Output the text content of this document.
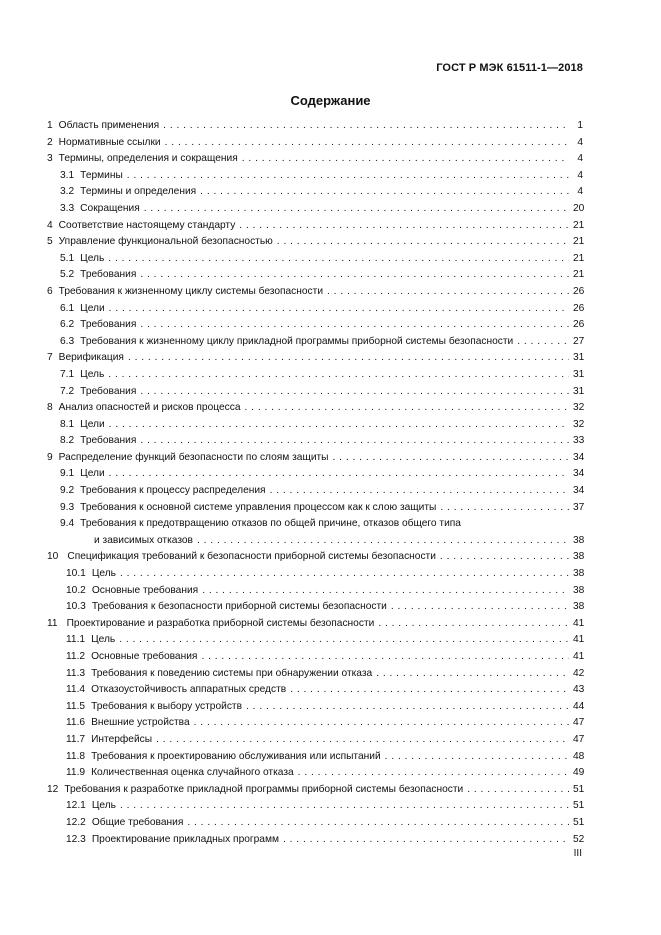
ГОСТ Р МЭК 61511-1—2018
Содержание
1 Область применения . . .	1
2 Нормативные ссылки . . .	4
3 Термины, определения и сокращения . . .	4
3.1 Термины . . .	4
3.2 Термины и определения . . .	4
3.3 Сокращения . . .	20
4 Соответствие настоящему стандарту . . .	21
5 Управление функциональной безопасностью . . .	21
5.1 Цель . . .	21
5.2 Требования . . .	21
6 Требования к жизненному циклу системы безопасности . . .	26
6.1 Цели . . .	26
6.2 Требования . . .	26
6.3 Требования к жизненному циклу прикладной программы приборной системы безопасности . . .	27
7 Верификация . . .	31
7.1 Цель . . .	31
7.2 Требования . . .	31
8 Анализ опасностей и рисков процесса . . .	32
8.1 Цели . . .	32
8.2 Требования . . .	33
9 Распределение функций безопасности по слоям защиты . . .	34
9.1 Цели . . .	34
9.2 Требования к процессу распределения . . .	34
9.3 Требования к основной системе управления процессом как к слою защиты . . .	37
9.4 Требования к предотвращению отказов по общей причине, отказов общего типа
и зависимых отказов . . .	38
10 Спецификация требований к безопасности приборной системы безопасности . . .	38
10.1 Цель . . .	38
10.2 Основные требования . . .	38
10.3 Требования к безопасности приборной системы безопасности . . .	38
11 Проектирование и разработка приборной системы безопасности . . .	41
11.1 Цель . . .	41
11.2 Основные требования . . .	41
11.3 Требования к поведению системы при обнаружении отказа . . .	42
11.4 Отказоустойчивость аппаратных средств . . .	43
11.5 Требования к выбору устройств . . .	44
11.6 Внешние устройства . . .	47
11.7 Интерфейсы . . .	47
11.8 Требования к проектированию обслуживания или испытаний . . .	48
11.9 Количественная оценка случайного отказа . . .	49
12 Требования к разработке прикладной программы приборной системы безопасности . . .	51
12.1 Цель . . .	51
12.2 Общие требования . . .	51
12.3 Проектирование прикладных программ . . .	52
III
